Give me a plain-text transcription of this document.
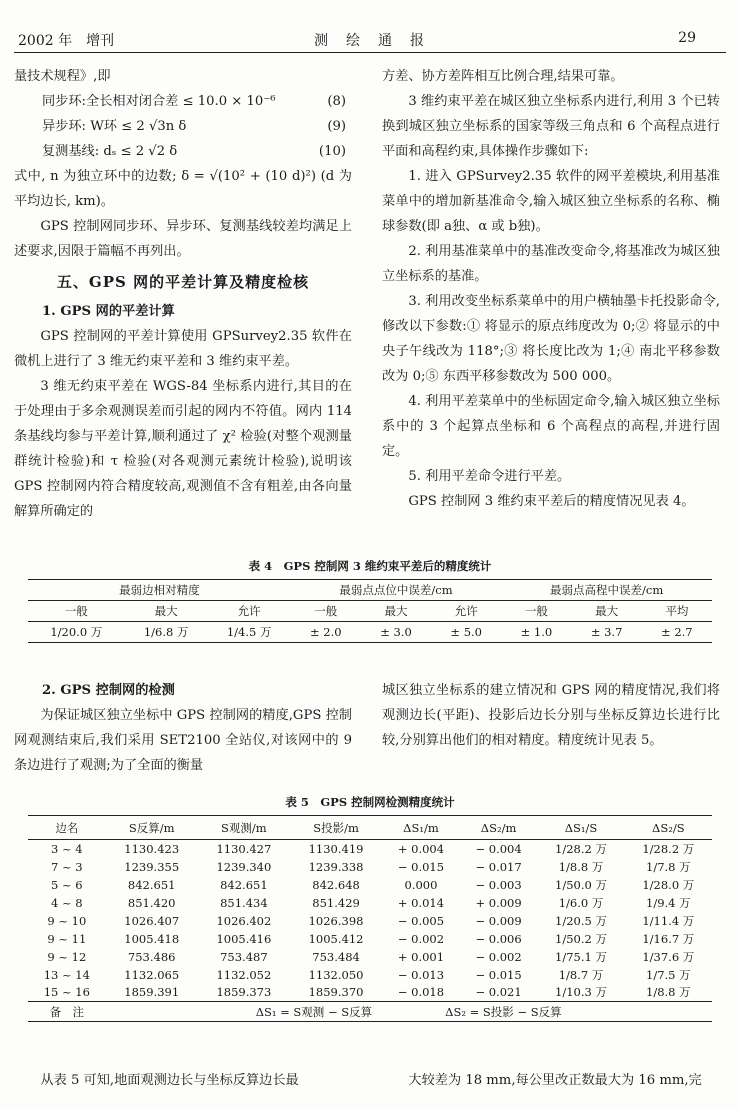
2002 年　增刊	测　绘　通　报	29

量技术规程》,即

同步环:全长相对闭合差 ≤ 10.0 × 10⁻⁶	(8)
异步环: W环 ≤ 2 √3n δ	(9)
复测基线: dₛ ≤ 2 √2 δ	(10)

式中, n 为独立环中的边数; δ = √(10² + (10 d)²) (d 为平均边长, km)。

GPS 控制网同步环、异步环、复测基线较差均满足上述要求,因限于篇幅不再列出。

五、GPS 网的平差计算及精度检核
1. GPS 网的平差计算

GPS 控制网的平差计算使用 GPSurvey2.35 软件在微机上进行了 3 维无约束平差和 3 维约束平差。

3 维无约束平差在 WGS-84 坐标系内进行,其目的在于处理由于多余观测误差而引起的网内不符值。网内 114 条基线均参与平差计算,顺利通过了 χ² 检验(对整个观测量群统计检验)和 τ 检验(对各观测元素统计检验),说明该 GPS 控制网内符合精度较高,观测值不含有粗差,由各向量解算所确定的

方差、协方差阵相互比例合理,结果可靠。

3 维约束平差在城区独立坐标系内进行,利用 3 个已转换到城区独立坐标系的国家等级三角点和 6 个高程点进行平面和高程约束,具体操作步骤如下:

1. 进入 GPSurvey2.35 软件的网平差模块,利用基准菜单中的增加新基准命令,输入城区独立坐标系的名称、椭球参数(即 a独、α 或 b独)。

2. 利用基准菜单中的基准改变命令,将基准改为城区独立坐标系的基准。

3. 利用改变坐标系菜单中的用户横轴墨卡托投影命令,修改以下参数:① 将显示的原点纬度改为 0;② 将显示的中央子午线改为 118°;③ 将长度比改为 1;④ 南北平移参数改为 0;⑤ 东西平移参数改为 500 000。

4. 利用平差菜单中的坐标固定命令,输入城区独立坐标系中的 3 个起算点坐标和 6 个高程点的高程,并进行固定。

5. 利用平差命令进行平差。

GPS 控制网 3 维约束平差后的精度情况见表 4。

表 4　GPS 控制网 3 维约束平差后的精度统计
最弱边相对精度			最弱点点位中误差/cm			最弱点高程中误差/cm		
一般	最大	允许	一般	最大	允许	一般	最大	平均
1/20.0 万	1/6.8 万	1/4.5 万	± 2.0	± 3.0	± 5.0	± 1.0	± 3.7	± 2.7
2. GPS 控制网的检测

为保证城区独立坐标中 GPS 控制网的精度,GPS 控制网观测结束后,我们采用 SET2100 全站仪,对该网中的 9 条边进行了观测;为了全面的衡量

城区独立坐标系的建立情况和 GPS 网的精度情况,我们将观测边长(平距)、投影后边长分别与坐标反算边长进行比较,分别算出他们的相对精度。精度统计见表 5。

表 5　GPS 控制网检测精度统计
边名	S反算/m	S观测/m	S投影/m	ΔS₁/m	ΔS₂/m	ΔS₁/S	ΔS₂/S
3 ~ 4	1130.423	1130.427	1130.419	+ 0.004	− 0.004	1/28.2 万	1/28.2 万
7 ~ 3	1239.355	1239.340	1239.338	− 0.015	− 0.017	1/8.8 万	1/7.8 万
5 ~ 6	842.651	842.651	842.648	0.000	− 0.003	1/50.0 万	1/28.0 万
4 ~ 8	851.420	851.434	851.429	+ 0.014	+ 0.009	1/6.0 万	1/9.4 万
9 ~ 10	1026.407	1026.402	1026.398	− 0.005	− 0.009	1/20.5 万	1/11.4 万
9 ~ 11	1005.418	1005.416	1005.412	− 0.002	− 0.006	1/50.2 万	1/16.7 万
9 ~ 12	753.486	753.487	753.484	+ 0.001	− 0.002	1/75.1 万	1/37.6 万
13 ~ 14	1132.065	1132.052	1132.050	− 0.013	− 0.015	1/8.7 万	1/7.5 万
15 ~ 16	1859.391	1859.373	1859.370	− 0.018	− 0.021	1/10.3 万	1/8.8 万
备　注	ΔS₁ = S观测 − S反算			ΔS₂ = S投影 − S反算			

从表 5 可知,地面观测边长与坐标反算边长最	大较差为 18 mm,每公里改正数最大为 16 mm,完
